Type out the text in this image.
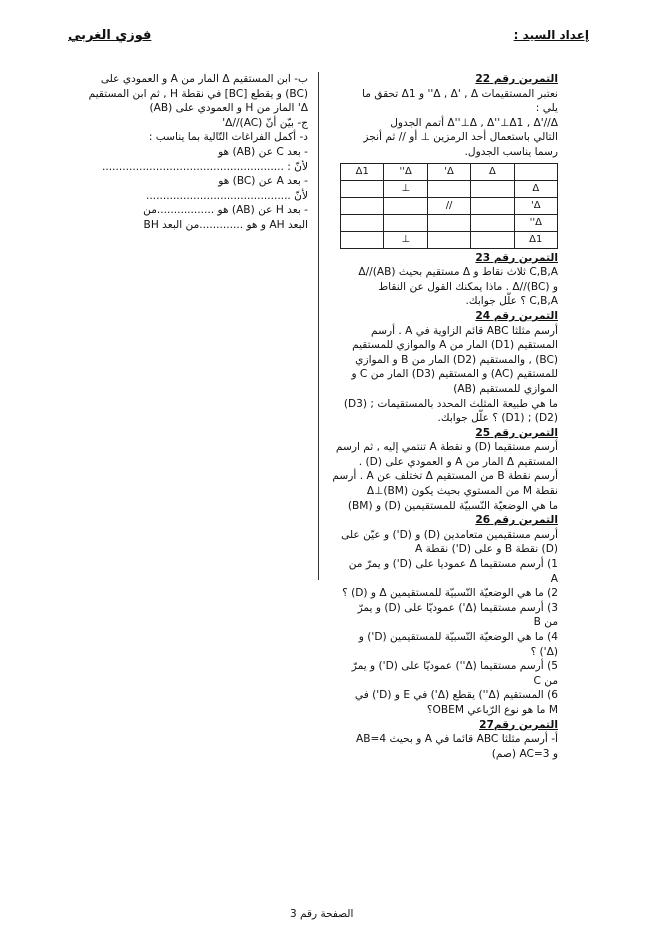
إعداد السيد :
فوزي الغربي
التمرين رقم 22
نعتبر المستقيمات Δ , Δ' , Δ'' و Δ1 تحقق ما
يلي :
Δ''⊥Δ , Δ''⊥Δ1 , Δ'//Δ أتمم الجدول
التالي باستعمال أحد الرمزين ⊥ أو // ثم أنجز
رسما يناسب الجدول.
	Δ	Δ'	Δ''	Δ1
Δ			⊥	
Δ'		//		
Δ''				
Δ1			⊥	
التمرين رقم 23
C,B,A ثلاث نقاط و Δ مستقيم بحيث (AB)//Δ
و Δ//(BC) . ماذا يمكنك القول عن النقاط
C,B,A ؟ علّل جوابك.
التمرين رقم 24
أرسم مثلثا ABC قائم الزاوية في A . أرسم
المستقيم (D1) المار من A والموازي للمستقيم
(BC) , والمستقيم (D2) المار من B و الموازي
للمستقيم (AC) و المستقيم (D3) المار من C و
الموازي للمستقيم (AB)
ما هي طبيعة المثلث المحدد بالمستقيمات ; (D3)
(D2) ; (D1) ؟ علّل جوابك.
التمرين رقم 25
أرسم مستقيما (D) و نقطة A تنتمي إليه , ثم ارسم
المستقيم Δ المار من A و العمودي على (D) .
أرسم نقطة B من المستقيم Δ تختلف عن A . أرسم
نقطة M من المستوي بحيث يكون (BM)⊥Δ
ما هي الوضعيّة النّسبيّة للمستقيمين (D) و (BM)
التمرين رقم 26
أرسم مستقيمين متعامدين (D) و (D') و عيّن على
(D) نقطة B و على (D') نقطة A
1) أرسم مستقيما Δ عموديا على (D') و يمرّ من
A
2) ما هي الوضعيّة النّسبيّة للمستقيمين Δ و (D) ؟
3) أرسم مستقيما (Δ') عموديّا على (D) و يمرّ
من B
4) ما هي الوضعيّة النّسبيّة للمستقيمين (D') و
(Δ') ؟
5) أرسم مستقيما (Δ'') عموديّا على (D') و يمرّ
من C
6) المستقيم (Δ'') يقطع (Δ') في E و (D') في
M ما هو نوع الرّباعي OBEM؟
التمرين رقم27
أ- أرسم مثلثا ABC قائما في A و بحيث AB=4
و AC=3 (صم)
ب- ابن المستقيم Δ المار من A و العمودي على
(BC) و يقطع [BC] في نقطة H , ثم ابن المستقيم
Δ' المار من H و العمودي على (AB)
ج- بيّن أنّ (AC)//Δ'
د- أكمل الفراغات التّالية بما يناسب :
- بعد C عن (AB) هو
لأنّ : ......................................................
- بعد A عن (BC) هو
لأنّ ...........................................
- بعد H عن (AB) هو .................من
البعد AH و هو .............من البعد BH
الصفحة رقم 3
